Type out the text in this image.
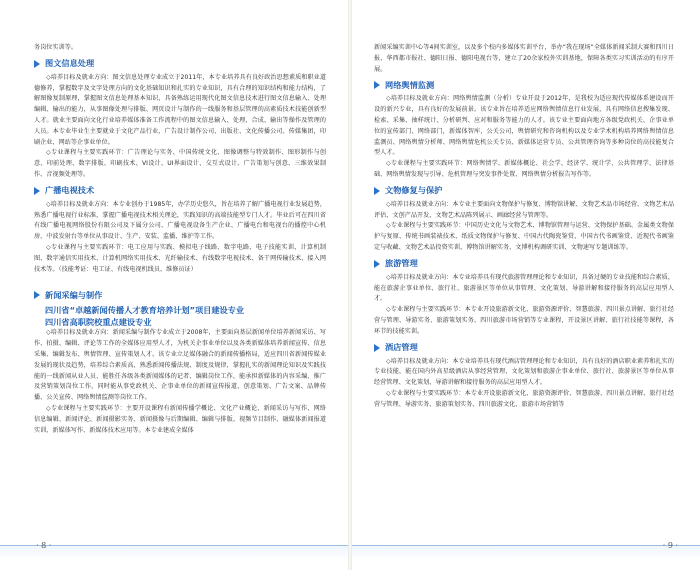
务岗位实训等。

图文信息处理

◇培养目标及就业方向：图文信息处理专业成立于2011年，本专业培养具有良好政治思想素质和职业道德修养，掌握数字及文字处理方向的文化基础知识和扎实的专业知识，具有合理的知识结构和能力结构，了解图像复制原理，掌握图文信息处理基本知识，具备熟练运用现代化图文信息技术进行图文信息输入、处理编辑、输出的能力，从事图像处理与排版、网页设计与制作的一线服务和基层管理的高素质技术技能创新型人才。就业主要面向文化行业培养媒体准备工作流程中的图文信息输入、处理、合成、输出等操作及管理的人员。本专业毕业生主要就业于文化产品行业，广告设计制作公司、出版社、文化传播公司、传媒集团，印刷企业、网站等企事业单位。

◇专业课程与主要实践环节：广告理论与实务、中国传统文化、图像调整与特效制作、图形制作与创意、印前处理、数字排版、印刷技术、VI设计、UI界面设计、交互式设计、广告策划与创意、三维效果制作、音视频处理等。

广播电视技术

◇培养目标及就业方向：本专业创办于1985年，办学历史悠久，旨在培养了解广播电视行业发展趋势，熟悉广播电视行业标准，掌握广播电视技术相关理论，实践知识的高端技能型专门人才。毕业后可在四川省有线广播电视网络股份有限公司及下属分公司、广播电视设备生产企业、广播电台和电视台的播控中心机房、中波发射台等单位从事设计、生产、安装、监播、维护等工作。

◇专业课程与主要实践环节：电工应用与实践、模拟电子线路、数字电路、电子技能实训、计算机制图、数字通信实用技术、计算机网络实用技术、光纤输技术、有线数字电视技术、备干网传输技术、接入网技术等。（技能考证：电工证、有线电视机线员、维修员证）

新闻采编与制作
四川省“卓越新闻传播人才教育培养计划”项目建设专业
四川省高职院校重点建设专业

◇培养目标及就业方向：新闻采编与制作专业成立于2008年，主要面向基层新闻单位培养新闻采访、写作、拍摄、编辑、评论等工作的全媒体应用型人才，为机关企事业单位以及各类新媒体培养新闻宣传、信息采集、编辑发布、舆情管理、宣传策划人才。该专业立足媒体融合的新闻传播格局，适应四川省新闻传媒业发展的现状及趋势，培养综合素质高、熟悉新闻传播法规、制度及规律，掌握扎实的新闻理论知识及实践技能的一线新闻从业人员，能胜任各级各类新闻媒体的记者、编辑岗位工作，能承担新媒体的内容采编、推广及营销策划岗位工作，同时能从事党政机关、企事业单位的新闻宣传报道、创意策划、广告文案、品牌传播、公关宣传、网络舆情监测等岗位工作。

◇专业课程与主要实践环节：主要开设课程有新闻传播学概论、文化产业概论、新闻采访与写作、网络信息编辑、新闻评论、新闻摄影实务、新闻摄像与后期编辑、编辑与排版、视频节目制作、融媒体新闻报道实训、新媒体写作、新媒体技术应用等。本专业建成全媒体

· 8 ·

新闻采编实训中心等4间实训室，以及多个校内多媒体实训平台，举办“我在现场”全媒体新闻采制大赛和四川日报、华西都市报社、德阳日报、德阳电视台等，建立了20余家校外实训基地，保障各类实习实训活动的有序开展。

网络舆情监测

◇培养目标及就业方向：网络舆情监测（分析）专业开设于2012年，是我校为适应现代传媒体系建设而开设的新兴专业，具有良好的发展前景。该专业旨在培养适应网络舆情信息行业发展，具有网络信息搜集发现、检索、采集、抽样统计、分析研判、应对和服务等能力的人才。该专业主要面向地方各级党政机关、企事业单位的宣传部门、网络部门，新媒体智库，公关公司，舆情研究和咨询机构以及专业学术机构培养网络舆情信息监测员、网络舆情分析师、网络舆情危机公关专员、新媒体运营专员、公共管理咨询等多种岗位的高技能复合型人才。

◇专业课程与主要实践环节：网络舆情学、新媒体概论、社会学、经济学、统计学、公共管理学、法律基础、网络舆情发现与引导、危机管理与突发事件处置、网络舆情分析报告写作等。

文物修复与保护

◇培养目标及就业方向：本专业主要面向文物保护与修复、博物馆讲解、文物艺术品市场经营、文物艺术品评估、文创产品开发、文物艺术品陈列展示、画廊经营与管理等。

◇专业课程与主要实践环节：中国历史文化与文物艺术、博物馆管理与运营、文物保护基础、金属类文物保护与复原、传统书画装裱技术、纸质文物保护与修复、中国古代陶瓷鉴赏、中国古代书画鉴赏、近现代书画鉴定与收藏、文物艺术品投资实训、博物馆讲解实务、文博机构调研实训、文物速写专题训练等。

旅游管理

◇培养目标及就业方向：本专业培养具有现代旅游管理理论和专业知识，具备过硬的专业技能和综合素质，能在旅游企事业单位、旅行社、旅游景区等单位从事管理、文化策划、导游讲解和接待服务的高层应用型人才。

◇专业课程与主要实践环节：本专业开设旅游新文化、旅游资源评价、智慧旅游、四川景点讲解、旅行社经营与管理、导游实务、旅游策划实务、四川旅游市场营销等专业课程，开设景区讲解、旅行社技能等课程，各环节的技能实训。

酒店管理

◇培养目标及就业方向：本专业培养具有现代酒店管理理论和专业知识，具有良好的酒店职业素养和扎实的专业技能，能在国内外高星级酒店从事经营管理、文化策划和旅游企事业单位、旅行社、旅游景区等单位从事经营管理、文化策划、导游讲解和接待服务的高层应用型人才。

◇专业课程与主要实践环节：本专业开设旅游新文化、旅游资源评价、智慧旅游、四川景点讲解、旅行社经营与管理、导游实务、旅游策划实务、四川旅游文化、旅游市场营销等

· 9 ·
